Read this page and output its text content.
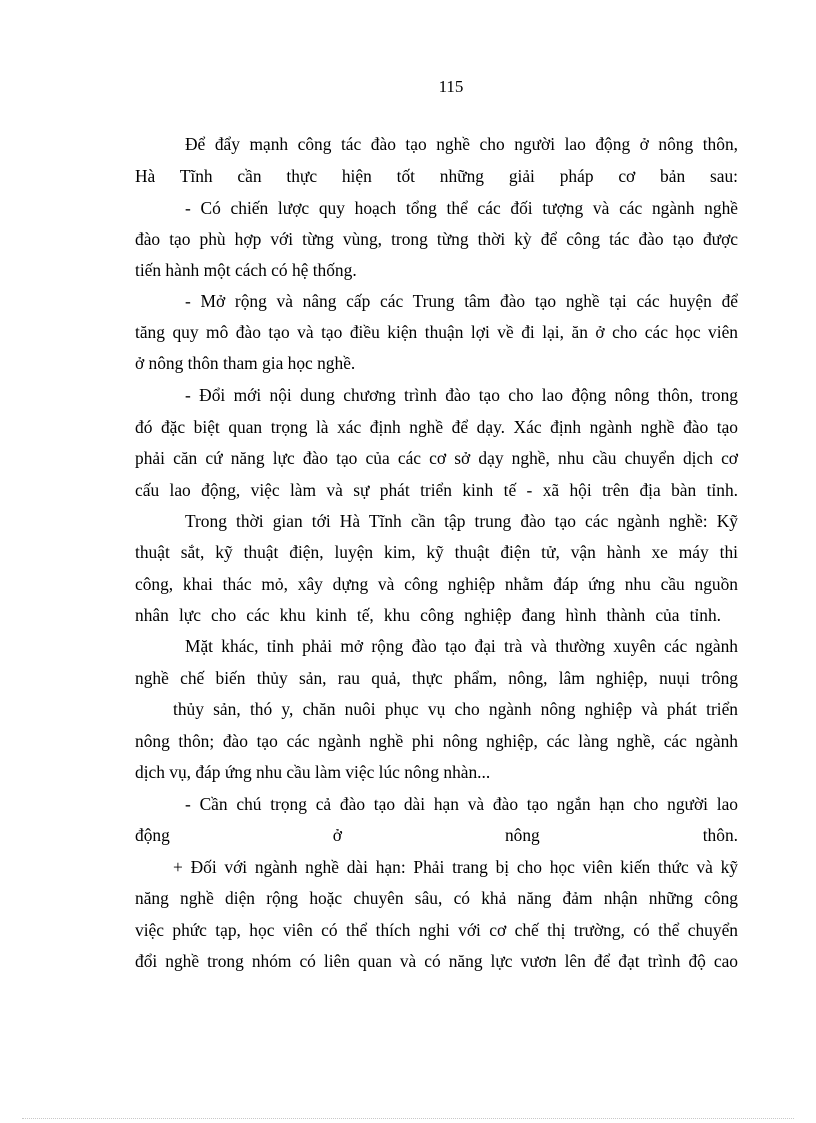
115
Để đẩy mạnh công tác đào tạo nghề cho người lao động ở nông thôn,
Hà Tĩnh cần thực hiện tốt những giải pháp cơ bản sau:
- Có chiến lược quy hoạch tổng thể các đối tượng và các ngành nghề
đào tạo phù hợp với từng vùng, trong từng thời kỳ để công tác đào tạo được
tiến hành một cách có hệ thống.
- Mở rộng và nâng cấp các Trung tâm đào tạo nghề tại các huyện để
tăng quy mô đào tạo và tạo điều kiện thuận lợi về đi lại, ăn ở cho các học viên
ở nông thôn tham gia học nghề.
- Đổi mới nội dung chương trình đào tạo cho lao động nông thôn, trong
đó đặc biệt quan trọng là xác định nghề để dạy. Xác định ngành nghề đào tạo
phải căn cứ năng lực đào tạo của các cơ sở dạy nghề, nhu cầu chuyển dịch cơ
cấu lao động, việc làm và sự phát triển kinh tế - xã hội trên địa bàn tỉnh.
Trong thời gian tới Hà Tĩnh cần tập trung đào tạo các ngành nghề: Kỹ
thuật sắt, kỹ thuật điện, luyện kim, kỹ thuật điện tử, vận hành xe máy thi
công, khai thác mỏ, xây dựng và công nghiệp nhằm đáp ứng nhu cầu nguồn
nhân lực cho các khu kinh tế, khu công nghiệp đang hình thành của tỉnh.
Mặt khác, tỉnh phải mở rộng đào tạo đại trà và thường xuyên các ngành
nghề chế biến thủy sản, rau quả, thực phẩm, nông, lâm nghiệp, nuụi trông
thủy sản, thó y, chăn nuôi phục vụ cho ngành nông nghiệp và phát triển
nông thôn; đào tạo các ngành nghề phi nông nghiệp, các làng nghề, các ngành
dịch vụ, đáp ứng nhu cầu làm việc lúc nông nhàn...
- Cần chú trọng cả đào tạo dài hạn và đào tạo ngắn hạn cho người lao
động ở nông thôn.
+ Đối với ngành nghề dài hạn: Phải trang bị cho học viên kiến thức và kỹ
năng nghề diện rộng hoặc chuyên sâu, có khả năng đảm nhận những công
việc phức tạp, học viên có thể thích nghi với cơ chế thị trường, có thể chuyển
đổi nghề trong nhóm có liên quan và có năng lực vươn lên để đạt trình độ cao
